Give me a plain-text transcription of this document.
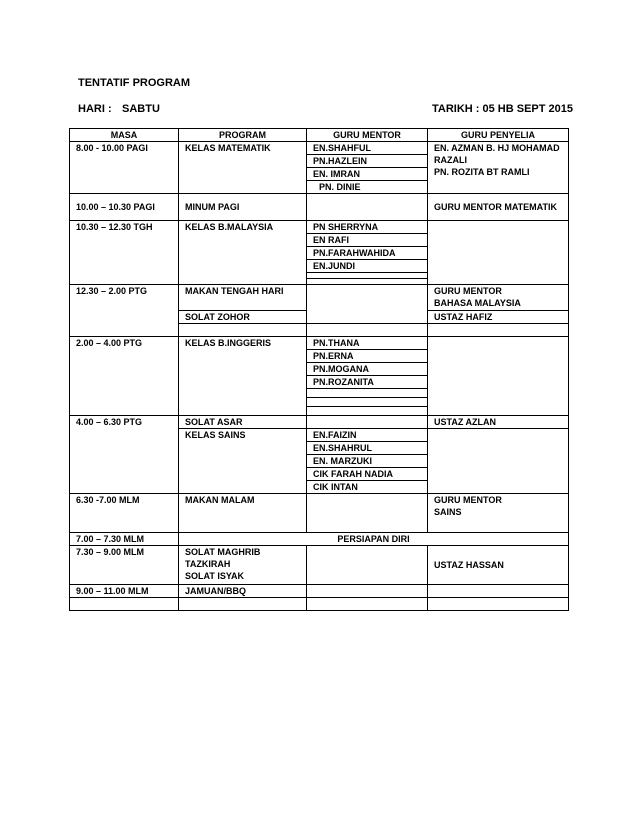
TENTATIF PROGRAM
HARI : SABTU	TARIKH : 05 HB SEPT 2015
MASA	PROGRAM	GURU MENTOR	GURU PENYELIA
8.00 - 10.00 PAGI	KELAS MATEMATIK	EN.SHAHFUL	EN. AZMAN B. HJ MOHAMAD
RAZALI
PN. ROZITA BT RAMLI

		PN.HAZLEIN	
		EN. IMRAN	
		PN. DINIE	
10.00 – 10.30 PAGI	MINUM PAGI		GURU MENTOR MATEMATIK
10.30 – 12.30 TGH	KELAS B.MALAYSIA	PN SHERRYNA	
		EN RAFI	
		PN.FARAHWAHIDA	
		EN.JUNDI	

12.30 – 2.00 PTG	MAKAN TENGAH HARI		GURU MENTOR
BAHASA MALAYSIA

	SOLAT ZOHOR		USTAZ HAFIZ

2.00 – 4.00 PTG	KELAS B.INGGERIS	PN.THANA	
		PN.ERNA	
		PN.MOGANA	
		PN.ROZANITA	

4.00 – 6.30 PTG	SOLAT ASAR		USTAZ AZLAN
	KELAS SAINS	EN.FAIZIN	
		EN.SHAHRUL	
		EN. MARZUKI	
		CIK FARAH NADIA	
		CIK INTAN	
6.30 -7.00 MLM	MAKAN MALAM		GURU MENTOR
SAINS

7.00 – 7.30 MLM	PERSIAPAN DIRI		
7.30 – 9.00 MLM	SOLAT MAGHRIB
TAZKIRAH
SOLAT ISYAK		USTAZ HASSAN
9.00 – 11.00 MLM	JAMUAN/BBQ		
